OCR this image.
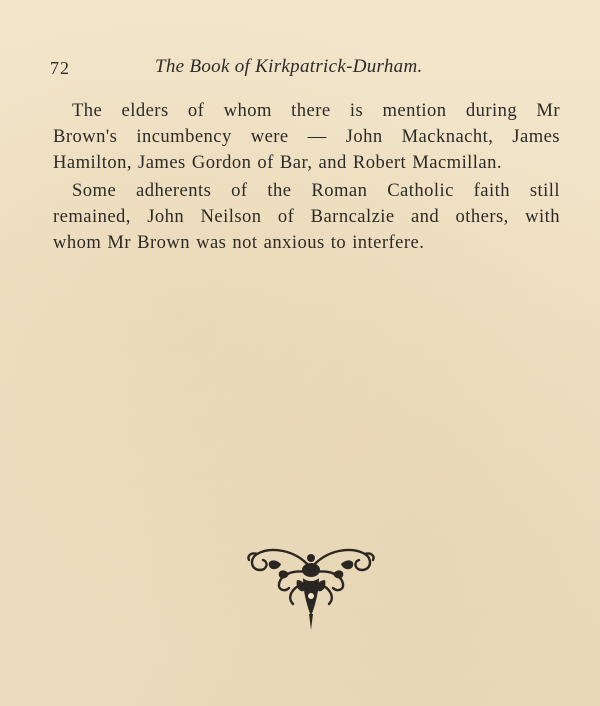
72	The Book of Kirkpatrick-Durham.
The elders of whom there is mention during Mr
Brown's incumbency were — John Macknacht, James
Hamilton, James Gordon of Bar, and Robert Macmillan.
Some adherents of the Roman Catholic faith still
remained, John Neilson of Barncalzie and others, with
whom Mr Brown was not anxious to interfere.
